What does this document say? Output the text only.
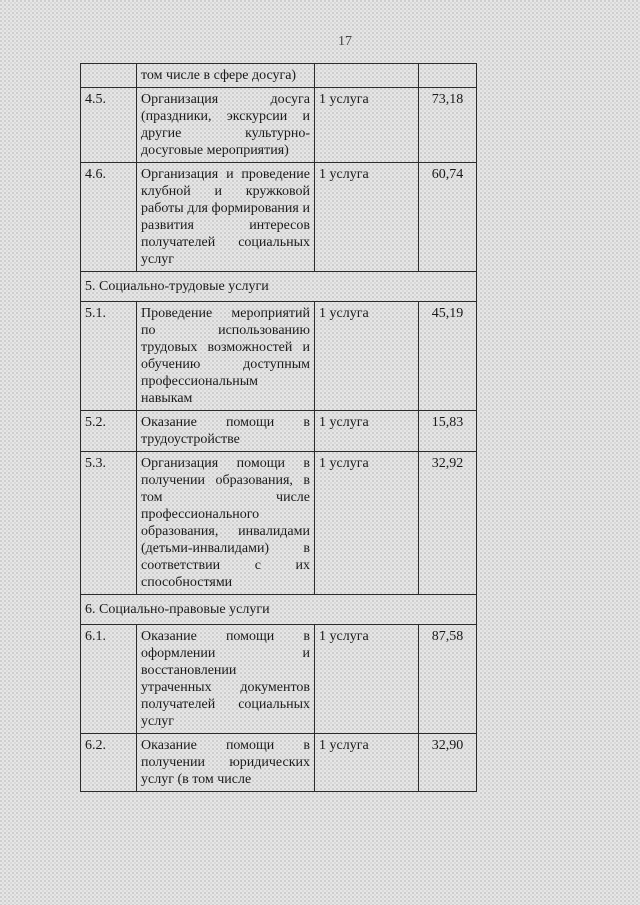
17
	том числе в сфере досуга)		
4.5.	Организация досуга (праздники, экскурсии и другие культурно-досуговые мероприятия)	1 услуга	73,18
4.6.	Организация и проведение клубной и кружковой работы для формирования и развития интересов получателей социальных услуг	1 услуга	60,74
5. Социально-трудовые услуги			
5.1.	Проведение мероприятий по использованию трудовых возможностей и обучению доступным профессиональным навыкам	1 услуга	45,19
5.2.	Оказание помощи в трудоустройстве	1 услуга	15,83
5.3.	Организация помощи в получении образования, в том числе профессионального образования, инвалидами (детьми-инвалидами) в соответствии с их способностями	1 услуга	32,92
6. Социально-правовые услуги			
6.1.	Оказание помощи в оформлении и восстановлении утраченных документов получателей социальных услуг	1 услуга	87,58
6.2.	Оказание помощи в получении юридических услуг (в том числе	1 услуга	32,90
